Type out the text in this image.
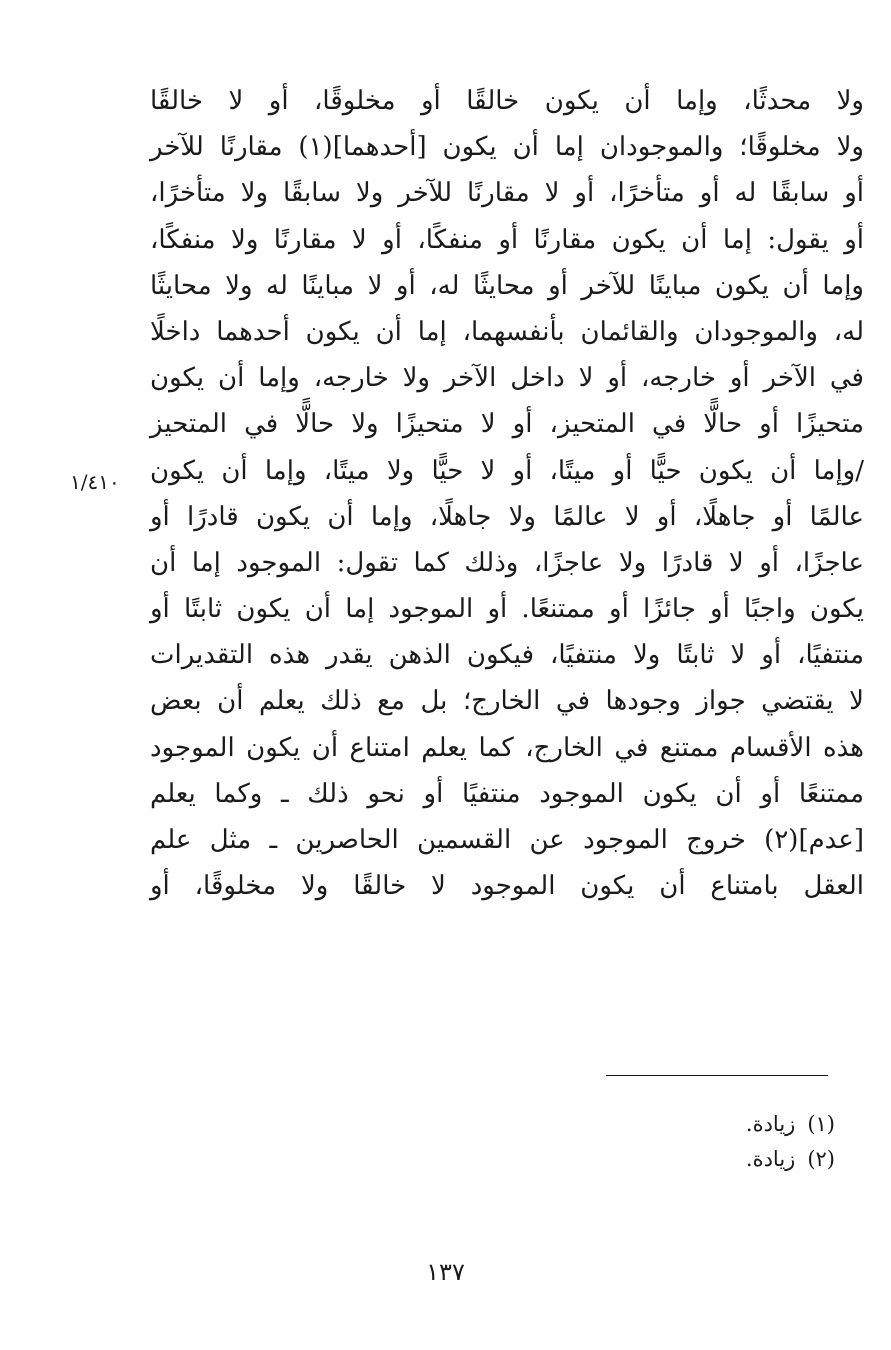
ولا محدثًا، وإما أن يكون خالقًا أو مخلوقًا، أو لا خالقًا
ولا مخلوقًا؛ والموجودان إما أن يكون [أحدهما](١) مقارنًا للآخر
أو سابقًا له أو متأخرًا، أو لا مقارنًا للآخر ولا سابقًا ولا متأخرًا،
أو يقول: إما أن يكون مقارنًا أو منفكًا، أو لا مقارنًا ولا منفكًا،
وإما أن يكون مباينًا للآخر أو محايثًا له، أو لا مباينًا له ولا محايثًا
له، والموجودان والقائمان بأنفسهما، إما أن يكون أحدهما داخلًا
في الآخر أو خارجه، أو لا داخل الآخر ولا خارجه، وإما أن يكون
متحيزًا أو حالًّا في المتحيز، أو لا متحيزًا ولا حالًّا في المتحيز
/وإما أن يكون حيًّا أو ميتًا، أو لا حيًّا ولا ميتًا، وإما أن يكون
عالمًا أو جاهلًا، أو لا عالمًا ولا جاهلًا، وإما أن يكون قادرًا أو
عاجزًا، أو لا قادرًا ولا عاجزًا، وذلك كما تقول: الموجود إما أن
يكون واجبًا أو جائزًا أو ممتنعًا. أو الموجود إما أن يكون ثابتًا أو
منتفيًا، أو لا ثابتًا ولا منتفيًا، فيكون الذهن يقدر هذه التقديرات
لا يقتضي جواز وجودها في الخارج؛ بل مع ذلك يعلم أن بعض
هذه الأقسام ممتنع في الخارج، كما يعلم امتناع أن يكون الموجود
ممتنعًا أو أن يكون الموجود منتفيًا أو نحو ذلك ـ وكما يعلم
[عدم](٢) خروج الموجود عن القسمين الحاصرين ـ مثل علم
العقل بامتناع أن يكون الموجود لا خالقًا ولا مخلوقًا، أو
١/٤١٠
(١)زيادة.
(٢)زيادة.
١٣٧
